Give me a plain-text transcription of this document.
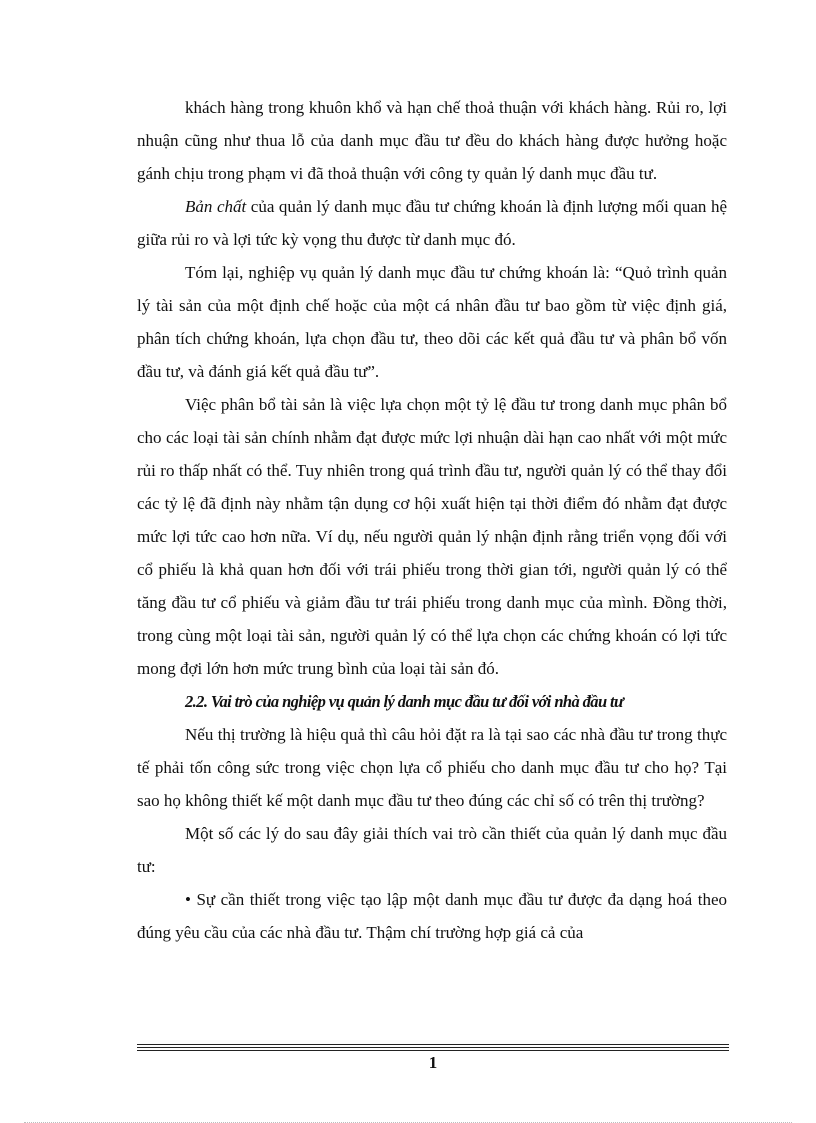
khách hàng trong khuôn khổ và hạn chế thoả thuận với khách hàng. Rủi ro, lợi nhuận cũng như thua lỗ của danh mục đầu tư đều do khách hàng được hưởng hoặc gánh chịu trong phạm vi đã thoả thuận với công ty quản lý danh mục đầu tư.

Bản chất của quản lý danh mục đầu tư chứng khoán là định lượng mối quan hệ giữa rủi ro và lợi tức kỳ vọng thu được từ danh mục đó.

Tóm lại, nghiệp vụ quản lý danh mục đầu tư chứng khoán là: “Quỏ trình quản lý tài sản của một định chế hoặc của một cá nhân đầu tư bao gồm từ việc định giá, phân tích chứng khoán, lựa chọn đầu tư, theo dõi các kết quả đầu tư và phân bổ vốn đầu tư, và đánh giá kết quả đầu tư”.

Việc phân bổ tài sản là việc lựa chọn một tỷ lệ đầu tư trong danh mục phân bổ cho các loại tài sản chính nhằm đạt được mức lợi nhuận dài hạn cao nhất với một mức rủi ro thấp nhất có thể. Tuy nhiên trong quá trình đầu tư, người quản lý có thể thay đổi các tỷ lệ đã định này nhằm tận dụng cơ hội xuất hiện tại thời điểm đó nhằm đạt được mức lợi tức cao hơn nữa. Ví dụ, nếu người quản lý nhận định rằng triển vọng đối với cổ phiếu là khả quan hơn đối với trái phiếu trong thời gian tới, người quản lý có thể tăng đầu tư cổ phiếu và giảm đầu tư trái phiếu trong danh mục của mình. Đồng thời, trong cùng một loại tài sản, người quản lý có thể lựa chọn các chứng khoán có lợi tức mong đợi lớn hơn mức trung bình của loại tài sản đó.

2.2. Vai trò của nghiệp vụ quản lý danh mục đầu tư đối với nhà đầu tư

Nếu thị trường là hiệu quả thì câu hỏi đặt ra là tại sao các nhà đầu tư trong thực tế phải tốn công sức trong việc chọn lựa cổ phiếu cho danh mục đầu tư cho họ? Tại sao họ không thiết kế một danh mục đầu tư theo đúng các chỉ số có trên thị trường?

Một số các lý do sau đây giải thích vai trò cần thiết của quản lý danh mục đầu tư:

• Sự cần thiết trong việc tạo lập một danh mục đầu tư được đa dạng hoá theo đúng yêu cầu của các nhà đầu tư. Thậm chí trường hợp giá cả của

1
